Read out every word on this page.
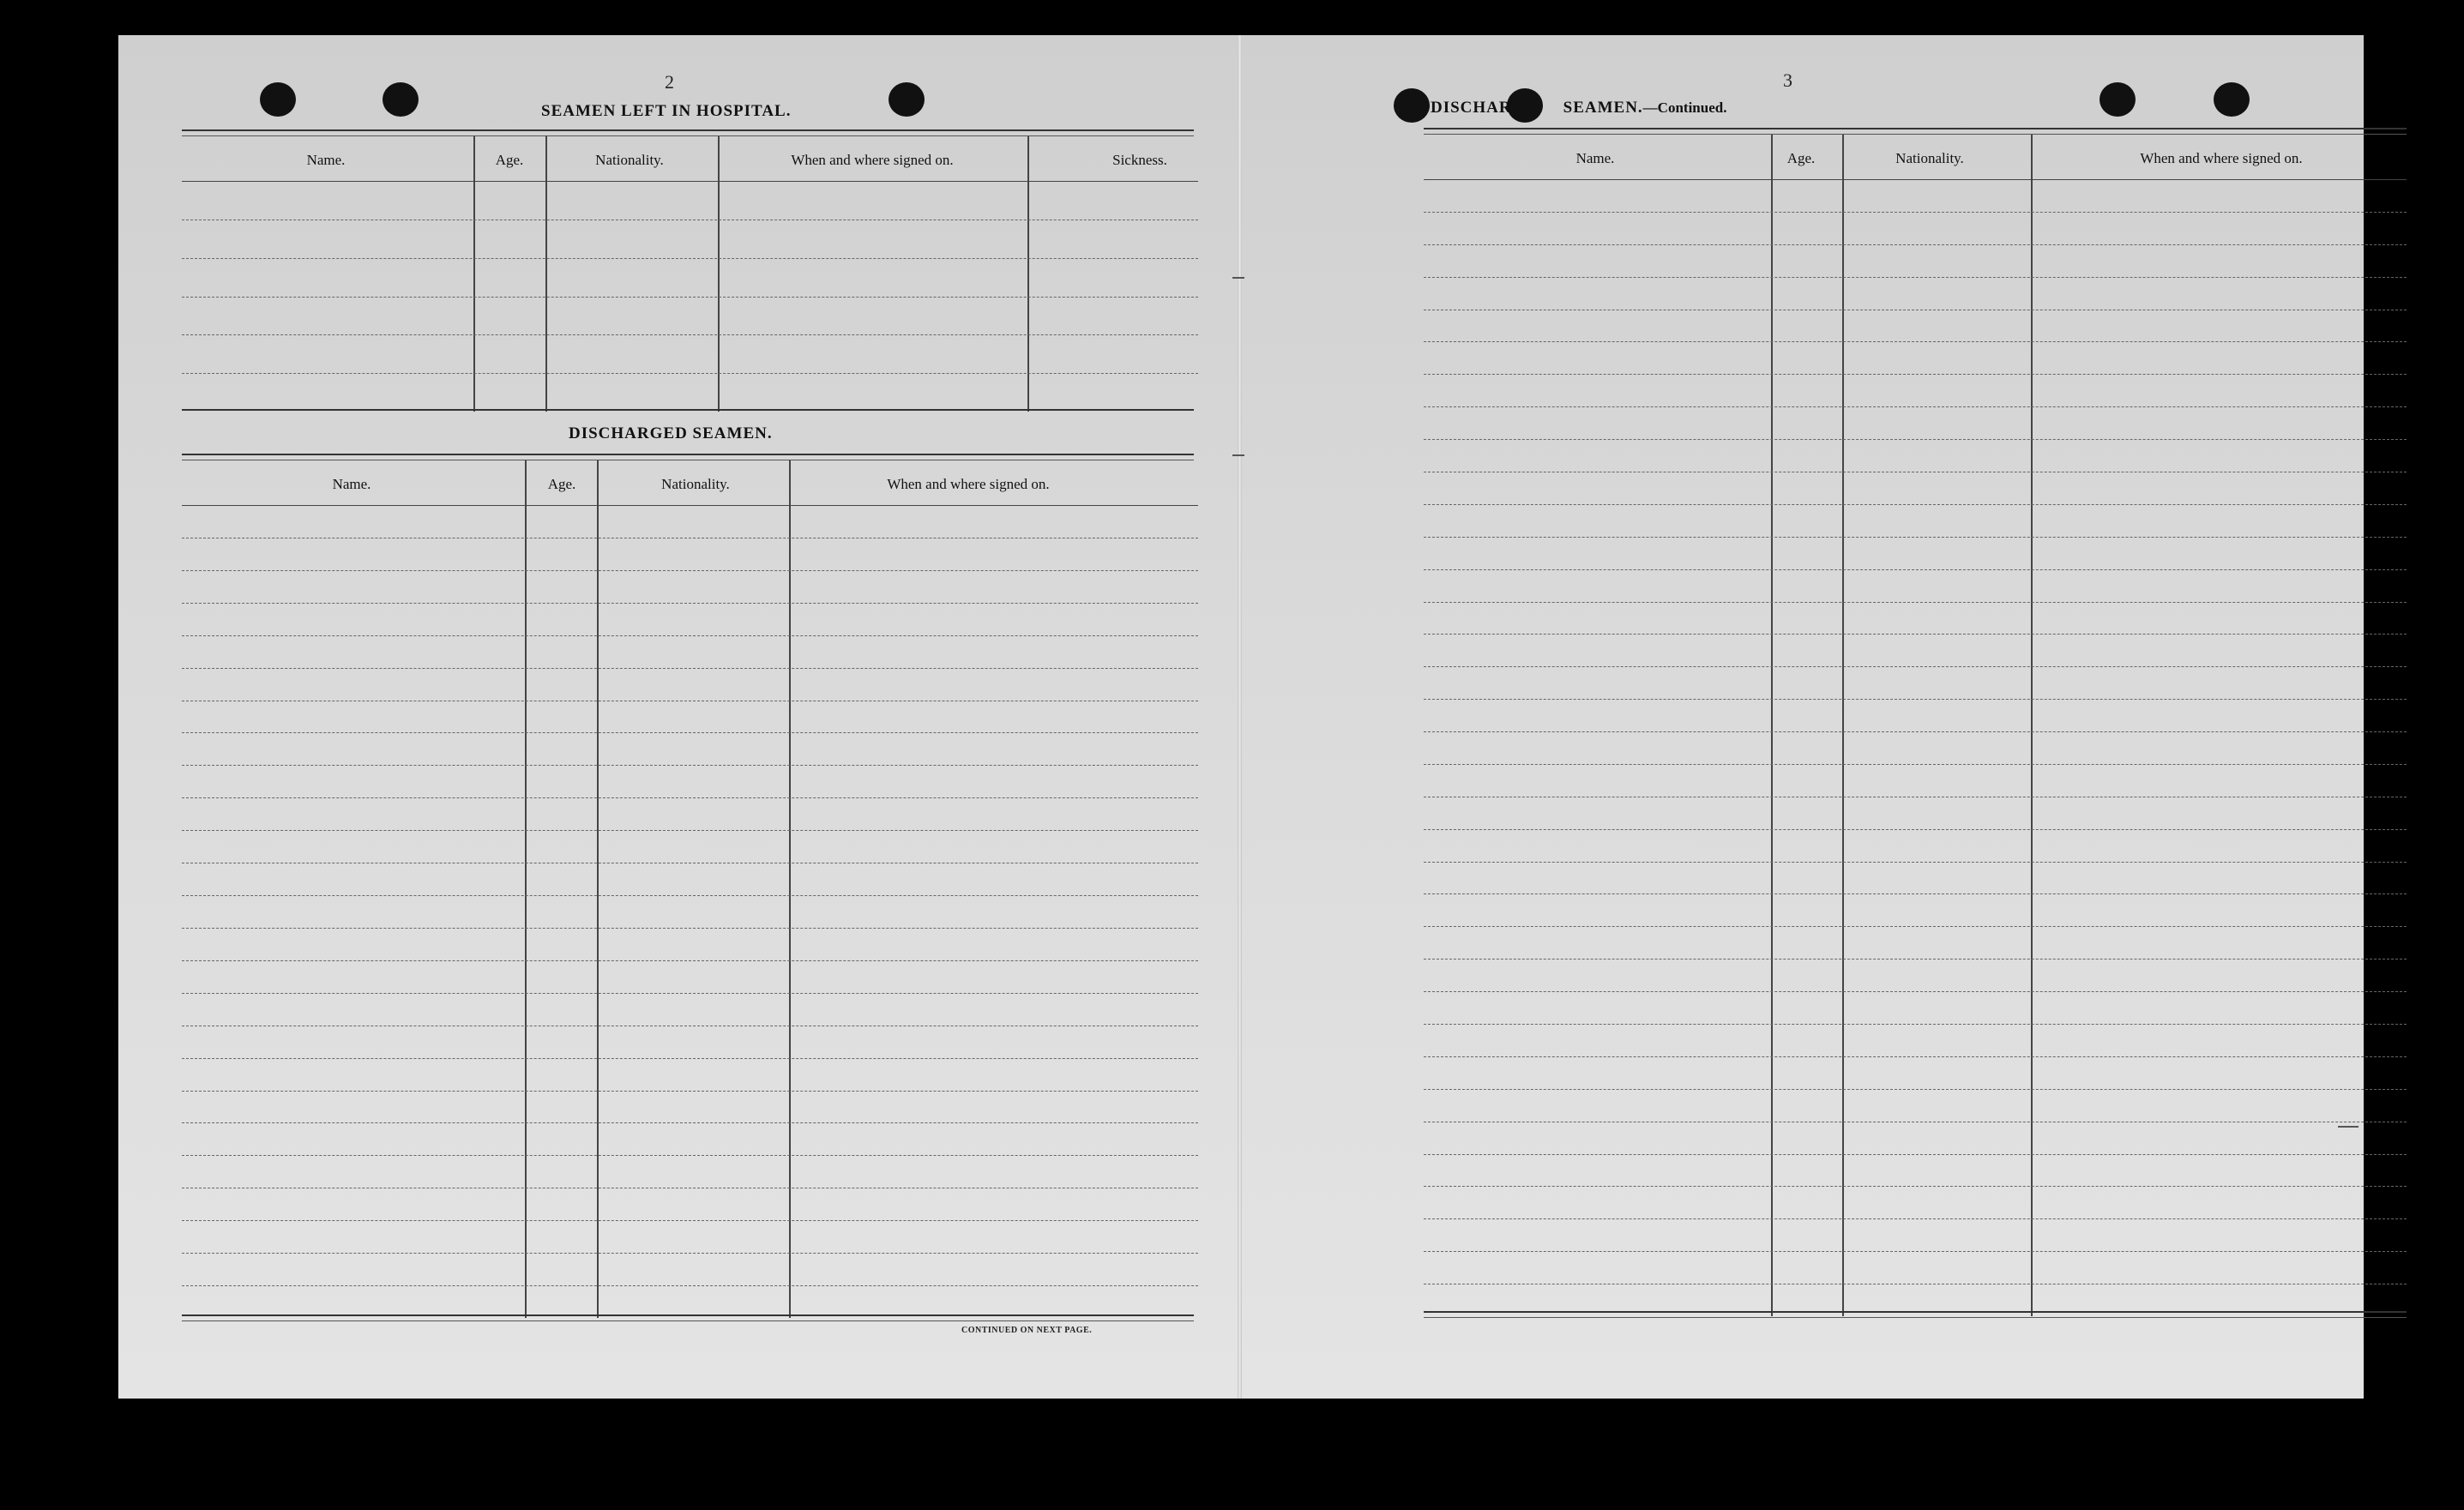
2
SEAMEN LEFT IN HOSPITAL.
Name.	Age.	Nationality.	When and where signed on.	Sickness.
DISCHARGED SEAMEN.
Name.	Age.	Nationality.	When and where signed on.
CONTINUED ON NEXT PAGE.
3
DISCHAR	SEAMEN.—Continued.
Name.	Age.	Nationality.	When and where signed on.
